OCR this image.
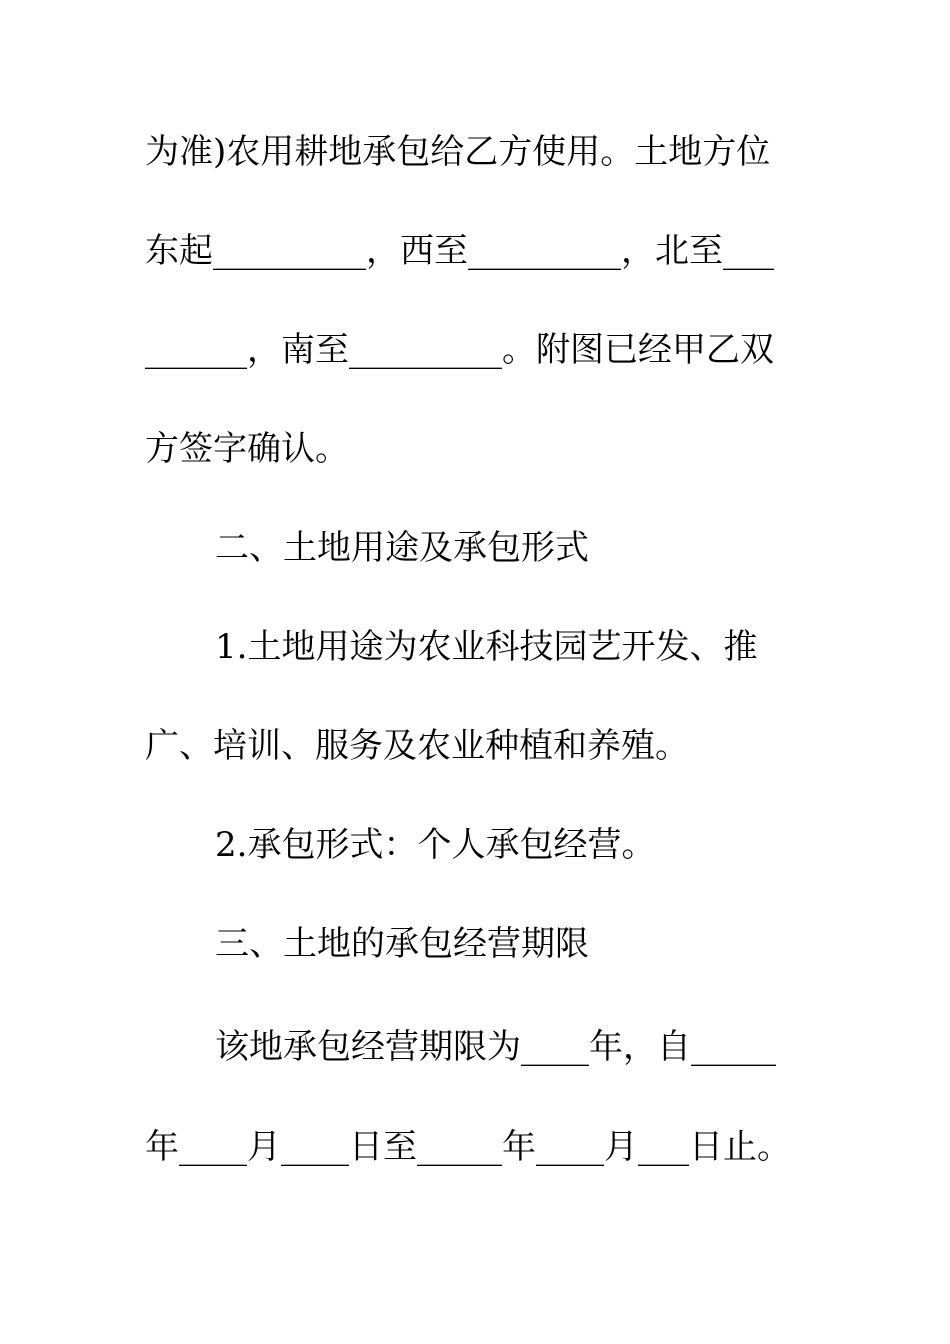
为准)农用耕地承包给乙方使用。土地方位
东起_________，西至_________，北至___
______，南至_________。附图已经甲乙双
方签字确认。
二、土地用途及承包形式
1.土地用途为农业科技园艺开发、推
广、培训、服务及农业种植和养殖。
2.承包形式：个人承包经营。
三、土地的承包经营期限
该地承包经营期限为____年，自_____
年____月____日至_____年____月___日止。
